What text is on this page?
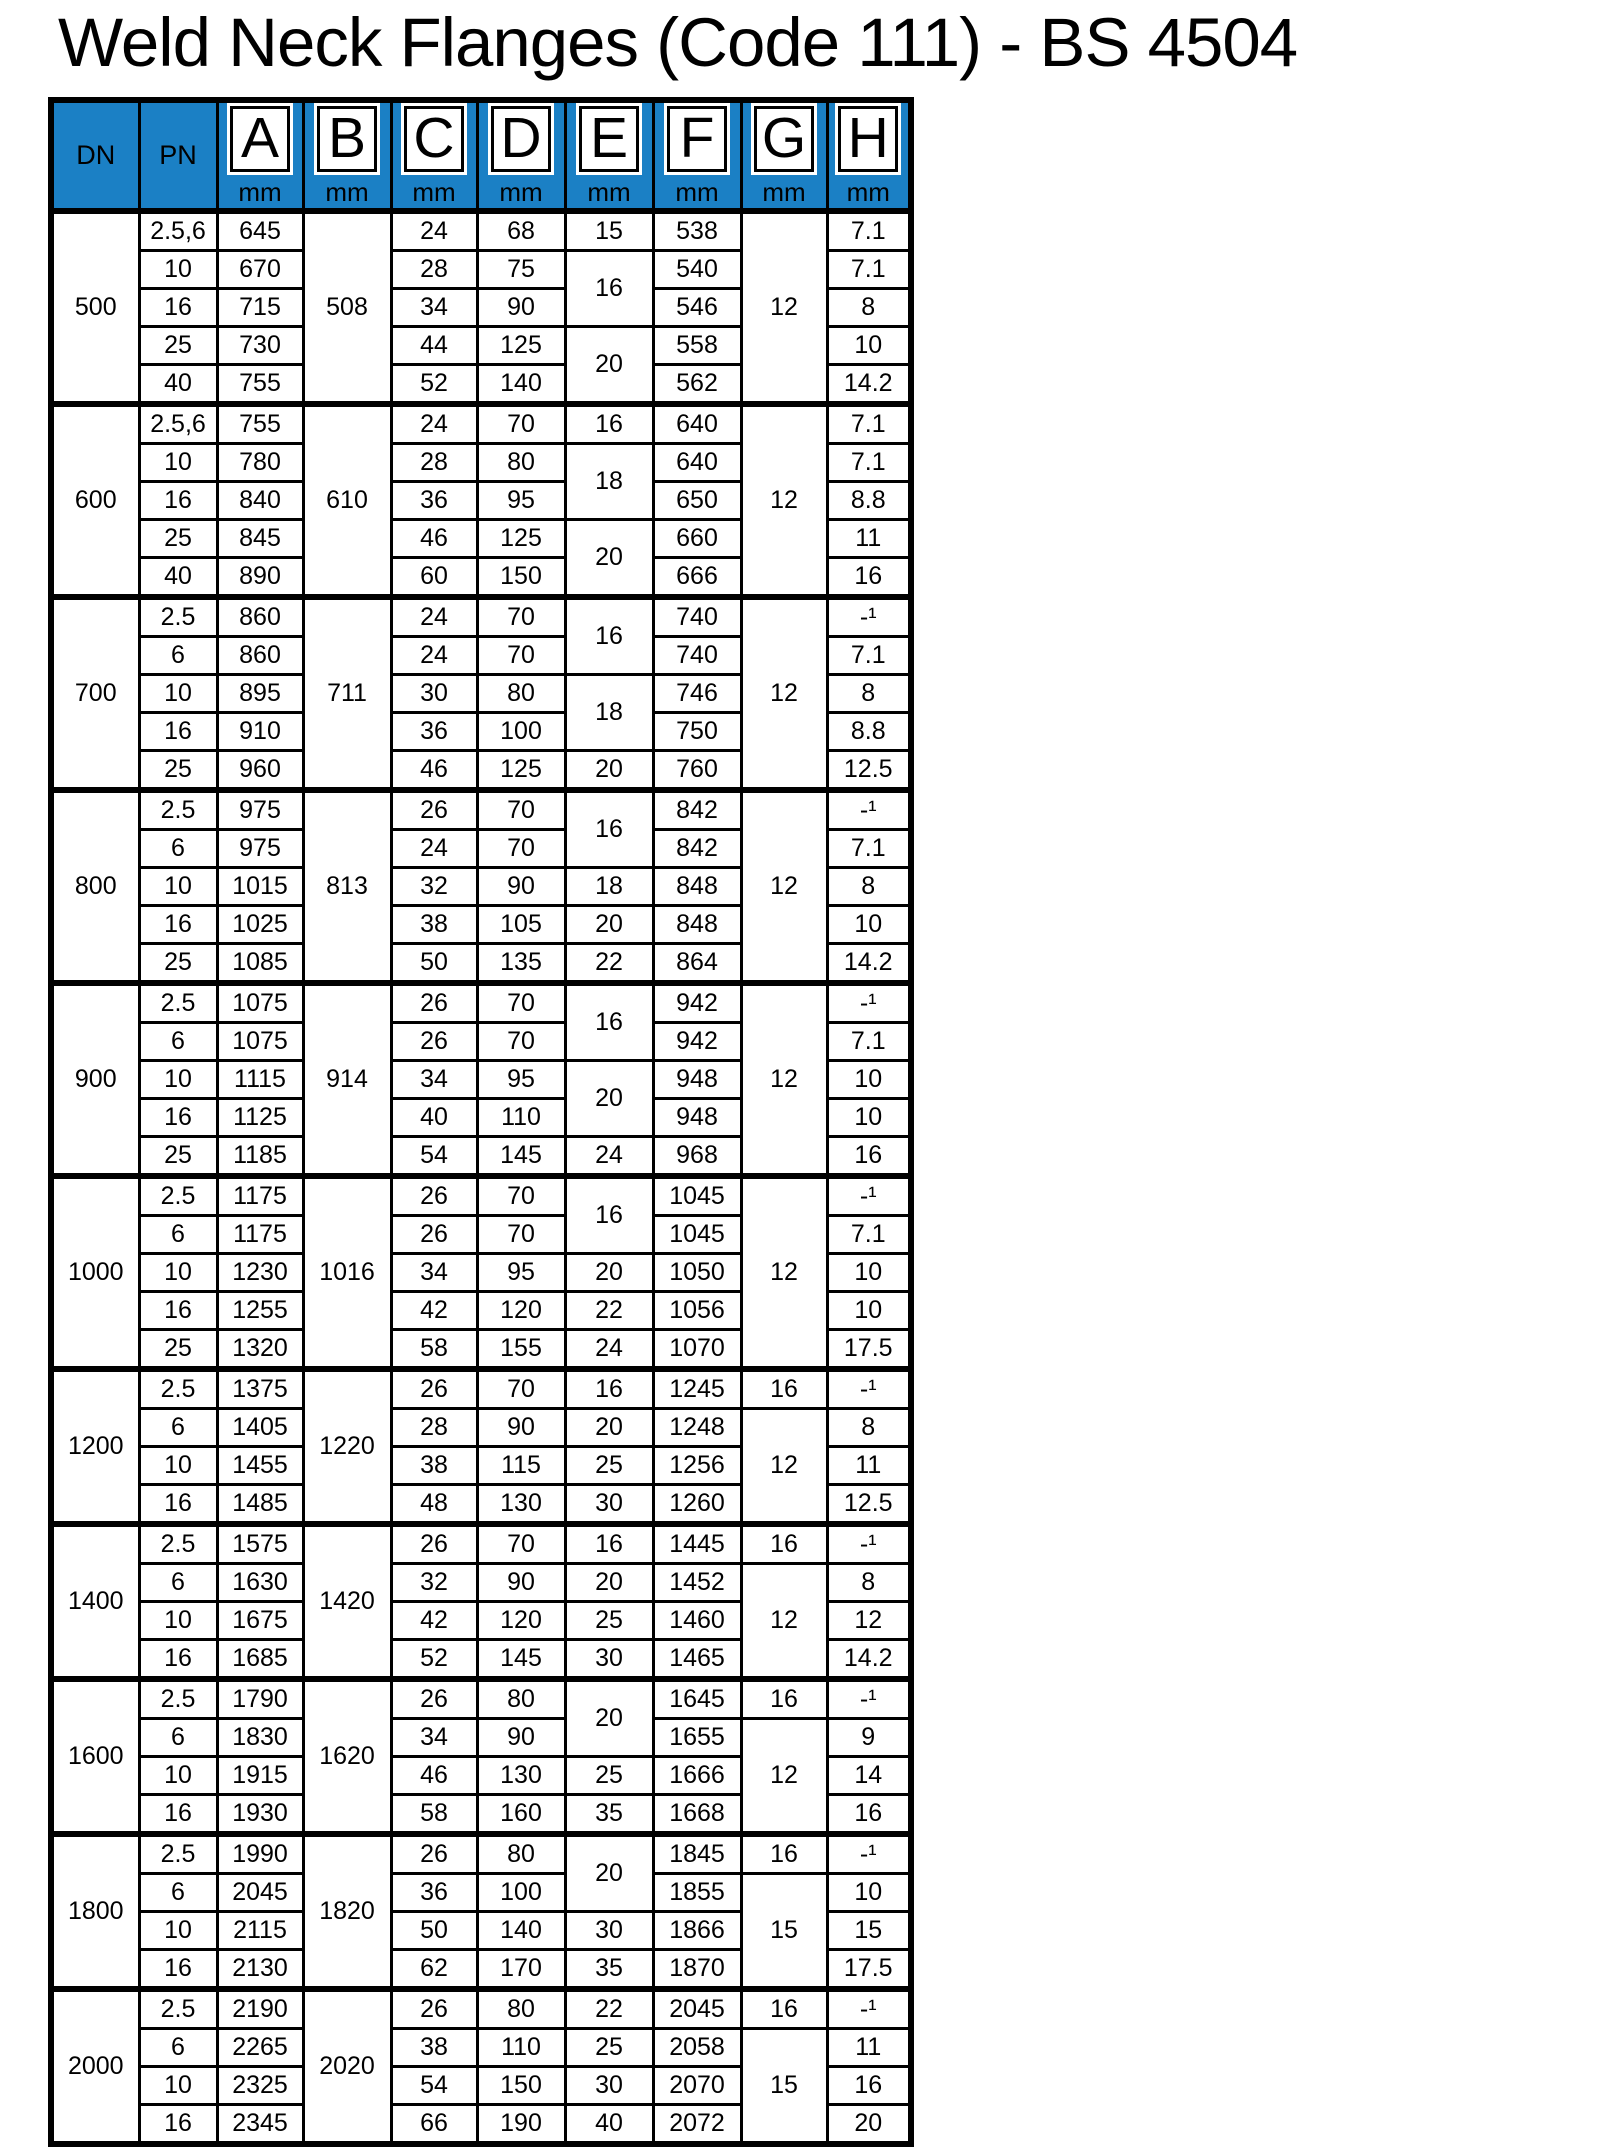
Weld Neck Flanges (Code 111) - BS 4504
DN	PN	A	B	C	D	E	F	G	H
		mm	mm	mm	mm	mm	mm	mm	mm
500	2.5,6	645	508	24	68	15	538	12	7.1
	10	670		28	75	16	540		7.1
	16	715		34	90		546		8
	25	730		44	125	20	558		10
	40	755		52	140		562		14.2
600	2.5,6	755	610	24	70	16	640	12	7.1
	10	780		28	80	18	640		7.1
	16	840		36	95		650		8.8
	25	845		46	125	20	660		11
	40	890		60	150		666		16
700	2.5	860	711	24	70	16	740	12	-¹
	6	860		24	70		740		7.1
	10	895		30	80	18	746		8
	16	910		36	100		750		8.8
	25	960		46	125	20	760		12.5
800	2.5	975	813	26	70	16	842	12	-¹
	6	975		24	70		842		7.1
	10	1015		32	90	18	848		8
	16	1025		38	105	20	848		10
	25	1085		50	135	22	864		14.2
900	2.5	1075	914	26	70	16	942	12	-¹
	6	1075		26	70		942		7.1
	10	1115		34	95	20	948		10
	16	1125		40	110		948		10
	25	1185		54	145	24	968		16
1000	2.5	1175	1016	26	70	16	1045	12	-¹
	6	1175		26	70		1045		7.1
	10	1230		34	95	20	1050		10
	16	1255		42	120	22	1056		10
	25	1320		58	155	24	1070		17.5
1200	2.5	1375	1220	26	70	16	1245	16	-¹
	6	1405		28	90	20	1248	12	8
	10	1455		38	115	25	1256		11
	16	1485		48	130	30	1260		12.5
1400	2.5	1575	1420	26	70	16	1445	16	-¹
	6	1630		32	90	20	1452	12	8
	10	1675		42	120	25	1460		12
	16	1685		52	145	30	1465		14.2
1600	2.5	1790	1620	26	80	20	1645	16	-¹
	6	1830		34	90		1655	12	9
	10	1915		46	130	25	1666		14
	16	1930		58	160	35	1668		16
1800	2.5	1990	1820	26	80	20	1845	16	-¹
	6	2045		36	100		1855	15	10
	10	2115		50	140	30	1866		15
	16	2130		62	170	35	1870		17.5
2000	2.5	2190	2020	26	80	22	2045	16	-¹
	6	2265		38	110	25	2058	15	11
	10	2325		54	150	30	2070		16
	16	2345		66	190	40	2072		20
